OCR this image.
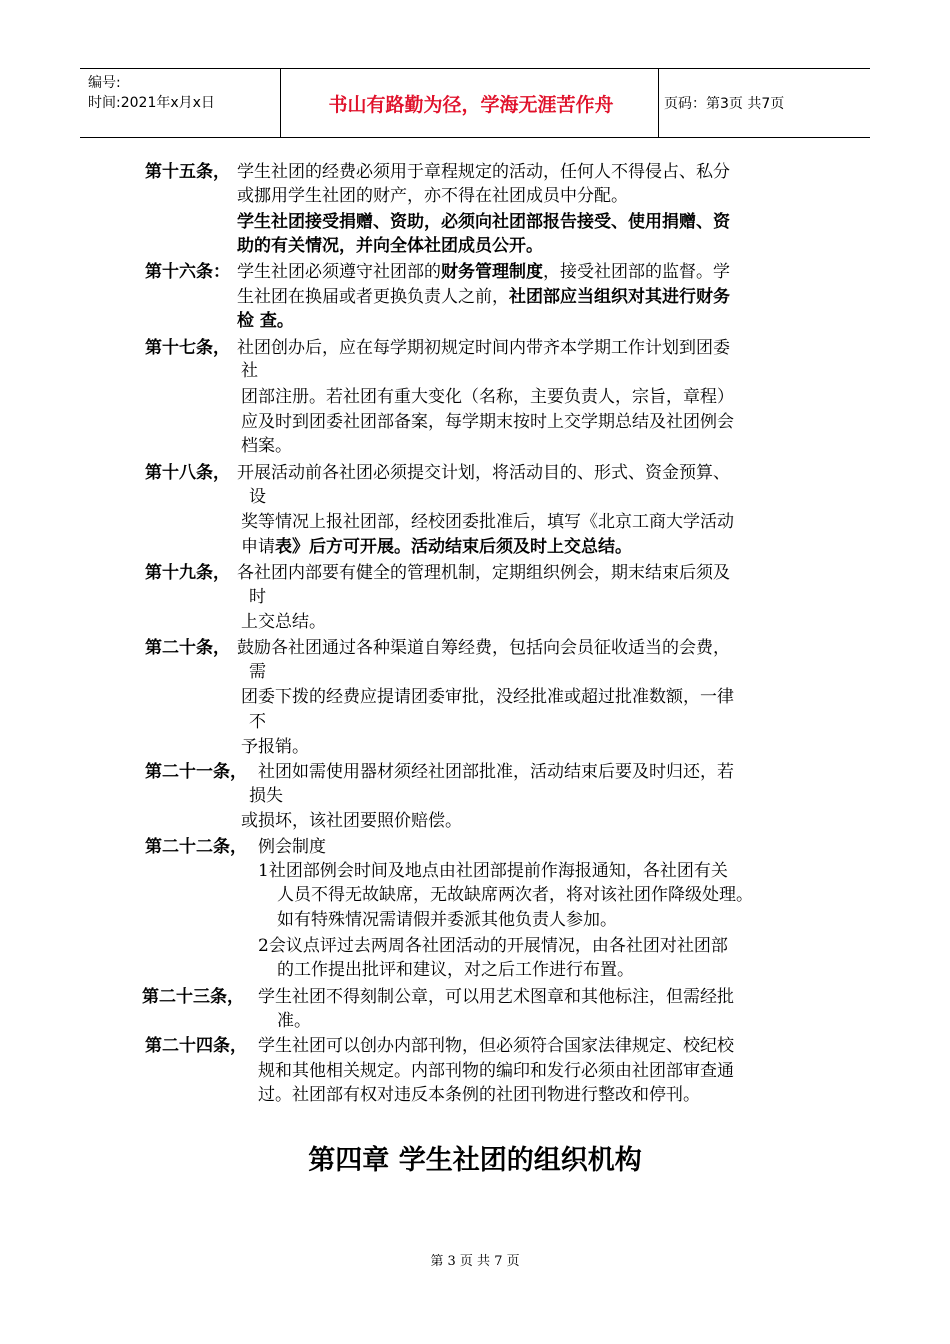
编号:
时间:2021年x月x日	书山有路勤为径，学海无涯苦作舟	页码：第3页 共7页
第十五条， 学生社团的经费必须用于章程规定的活动，任何人不得侵占、私分
或挪用学生社团的财产，亦不得在社团成员中分配。
学生社团接受捐赠、资助，必须向社团部报告接受、使用捐赠、资
助的有关情况，并向全体社团成员公开。
第十六条： 学生社团必须遵守社团部的财务管理制度，接受社团部的监督。学
生社团在换届或者更换负责人之前，社团部应当组织对其进行财务
检 查。
第十七条， 社团创办后，应在每学期初规定时间内带齐本学期工作计划到团委
社
团部注册。若社团有重大变化（名称，主要负责人，宗旨，章程）
应及时到团委社团部备案，每学期末按时上交学期总结及社团例会
档案。
第十八条， 开展活动前各社团必须提交计划，将活动目的、形式、资金预算、
设
奖等情况上报社团部，经校团委批准后，填写《北京工商大学活动
申请表》后方可开展。活动结束后须及时上交总结。
第十九条， 各社团内部要有健全的管理机制，定期组织例会，期末结束后须及
时
上交总结。
第二十条， 鼓励各社团通过各种渠道自筹经费，包括向会员征收适当的会费，
需
团委下拨的经费应提请团委审批，没经批准或超过批准数额，一律
不
予报销。
第二十一条， 社团如需使用器材须经社团部批准，活动结束后要及时归还，若
损失
或损坏，该社团要照价赔偿。
第二十二条， 例会制度
1社团部例会时间及地点由社团部提前作海报通知，各社团有关
人员不得无故缺席，无故缺席两次者，将对该社团作降级处理。
如有特殊情况需请假并委派其他负责人参加。
2会议点评过去两周各社团活动的开展情况，由各社团对社团部
的工作提出批评和建议，对之后工作进行布置。
第二十三条， 学生社团不得刻制公章，可以用艺术图章和其他标注，但需经批
准。
第二十四条， 学生社团可以创办内部刊物，但必须符合国家法律规定、校纪校
规和其他相关规定。内部刊物的编印和发行必须由社团部审查通
过。社团部有权对违反本条例的社团刊物进行整改和停刊。
第四章 学生社团的组织机构
第 3 页 共 7 页
